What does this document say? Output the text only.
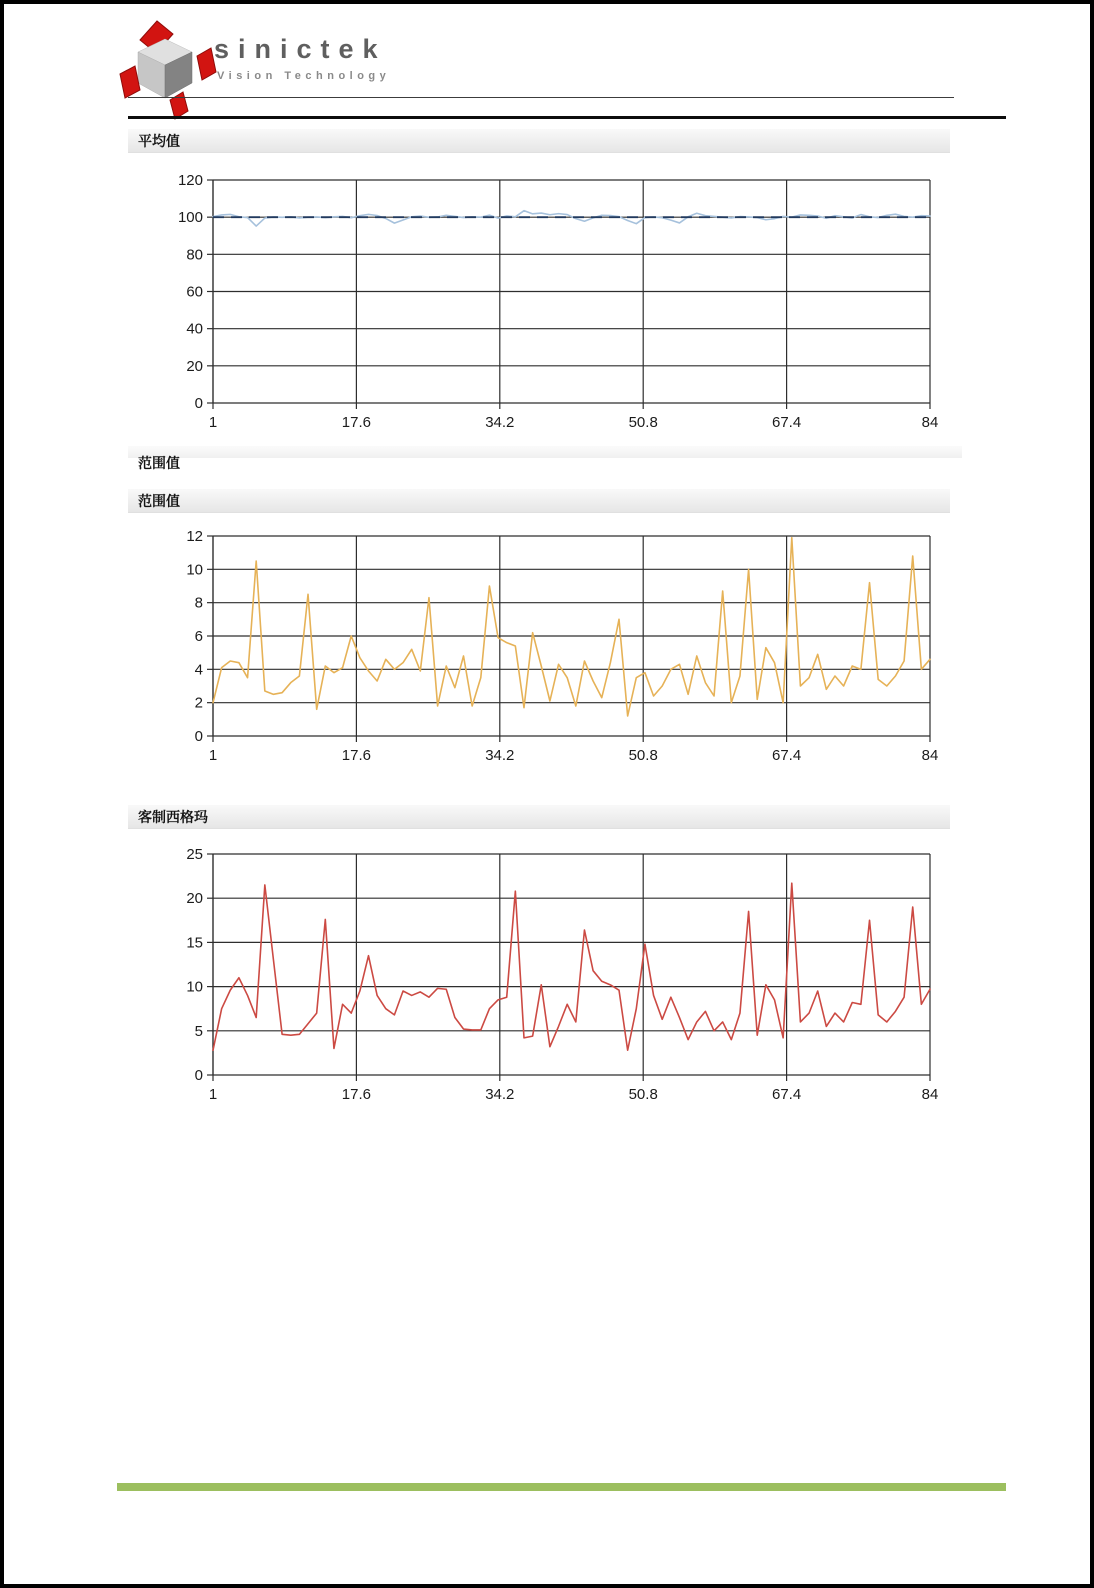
sinictek
Vision Technology
平均值
0
20
40
60
80
100
120
1	17.6	34.2	50.8	67.4	84
范围值
范围值
0
2
4
6
8
10
12
1	17.6	34.2	50.8	67.4	84
客制西格玛
0
5
10
15
20
25
1	17.6	34.2	50.8	67.4	84
